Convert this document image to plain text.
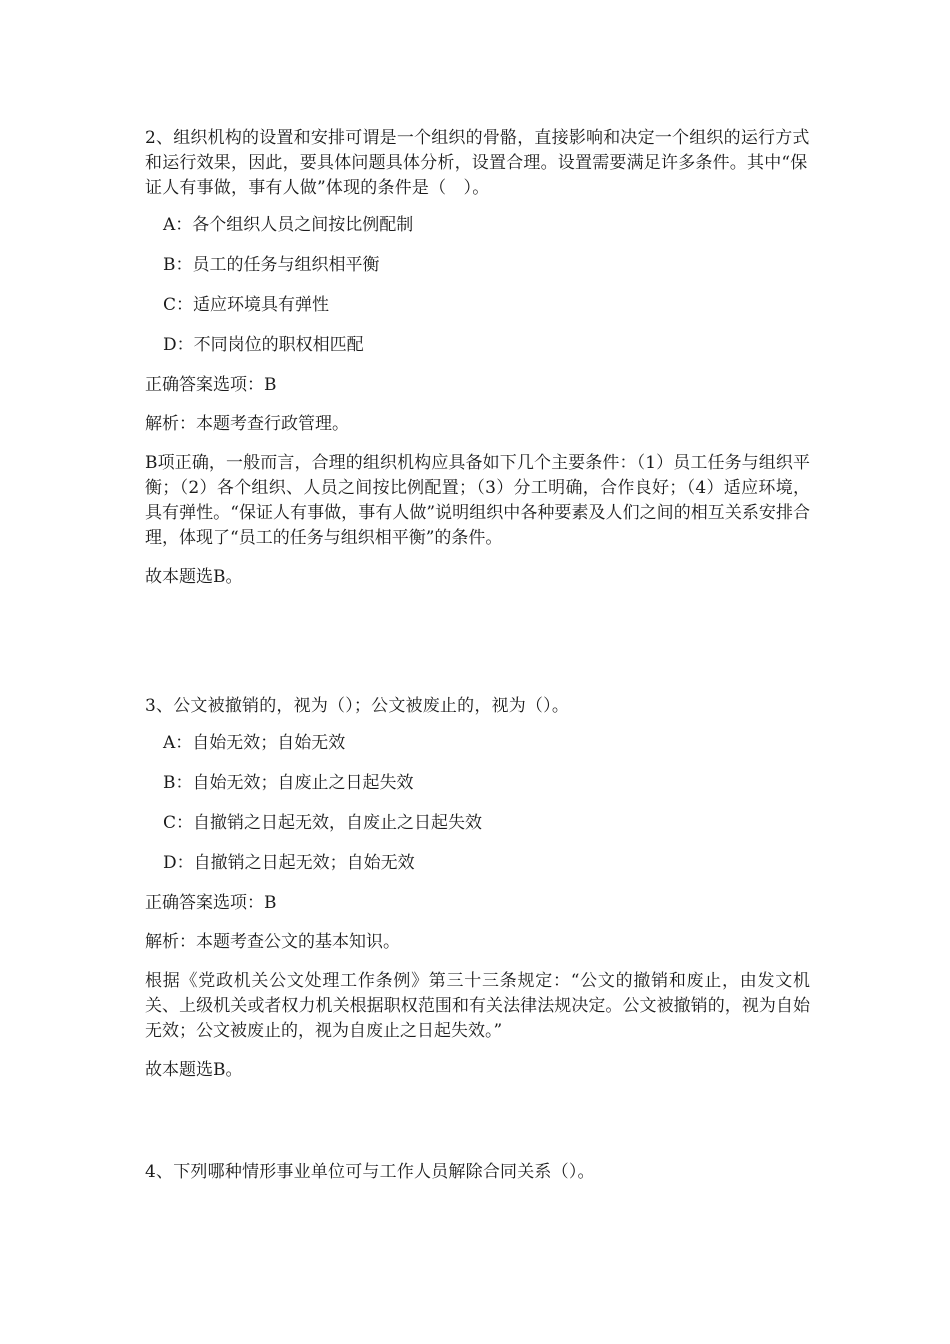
2、组织机构的设置和安排可谓是一个组织的骨骼，直接影响和决定一个组织的运行方式和运行效果，因此，要具体问题具体分析，设置合理。设置需要满足许多条件。其中“保证人有事做，事有人做”体现的条件是（　）。

A：各个组织人员之间按比例配制
B：员工的任务与组织相平衡
C：适应环境具有弹性
D：不同岗位的职权相匹配
正确答案选项：B
解析：本题考查行政管理。

B项正确，一般而言，合理的组织机构应具备如下几个主要条件：（1）员工任务与组织平衡；（2）各个组织、人员之间按比例配置；（3）分工明确，合作良好；（4）适应环境，具有弹性。“保证人有事做，事有人做”说明组织中各种要素及人们之间的相互关系安排合理，体现了“员工的任务与组织相平衡”的条件。

故本题选B。

3、公文被撤销的，视为（）；公文被废止的，视为（）。

A：自始无效；自始无效
B：自始无效；自废止之日起失效
C：自撤销之日起无效，自废止之日起失效
D：自撤销之日起无效；自始无效
正确答案选项：B
解析：本题考查公文的基本知识。

根据《党政机关公文处理工作条例》第三十三条规定：“公文的撤销和废止，由发文机关、上级机关或者权力机关根据职权范围和有关法律法规决定。公文被撤销的，视为自始无效；公文被废止的，视为自废止之日起失效。”

故本题选B。

4、下列哪种情形事业单位可与工作人员解除合同关系（）。
